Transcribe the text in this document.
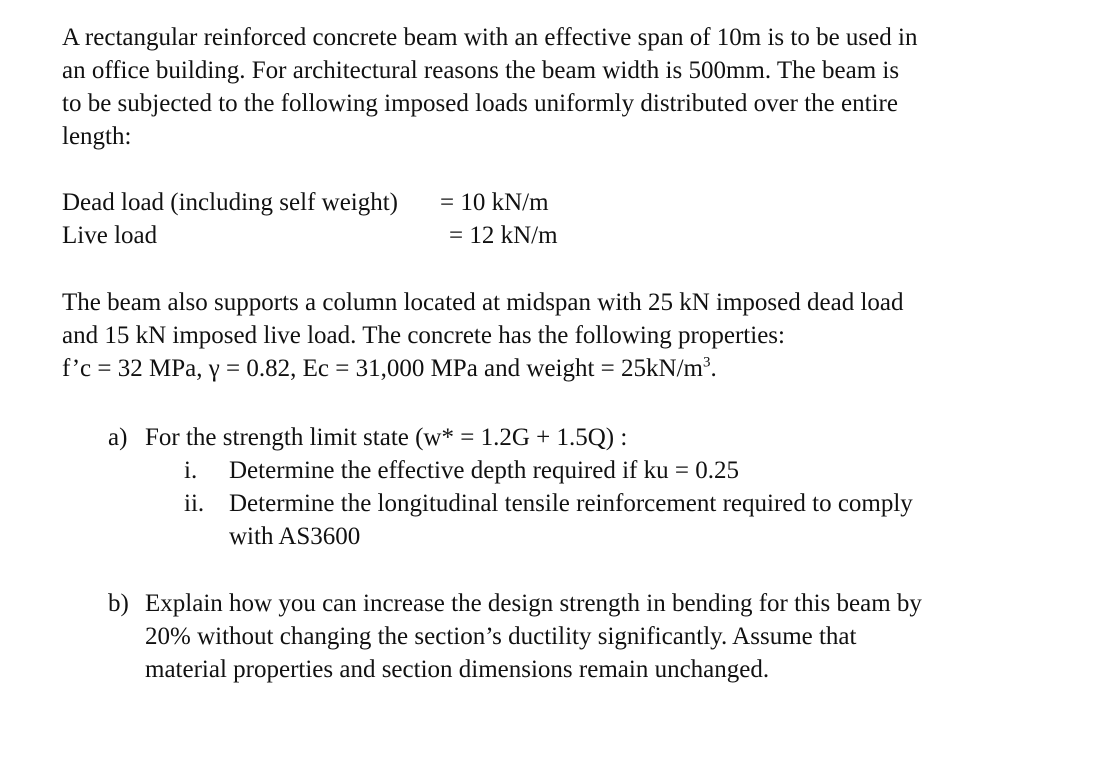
A rectangular reinforced concrete beam with an effective span of 10m is to be used in
an office building. For architectural reasons the beam width is 500mm. The beam is
to be subjected to the following imposed loads uniformly distributed over the entire
length:

Dead load (including self weight) = 10 kN/m
Live load	= 12 kN/m

The beam also supports a column located at midspan with 25 kN imposed dead load
and 15 kN imposed live load. The concrete has the following properties:
f’c = 32 MPa, γ = 0.82, Ec = 31,000 MPa and weight = $25kN/m^3$.

a) For the strength limit state (w* = 1.2G + 1.5Q) :
i. Determine the effective depth required if ku = 0.25
ii. Determine the longitudinal tensile reinforcement required to comply
with AS3600
b) Explain how you can increase the design strength in bending for this beam by
20% without changing the section’s ductility significantly. Assume that
material properties and section dimensions remain unchanged.
